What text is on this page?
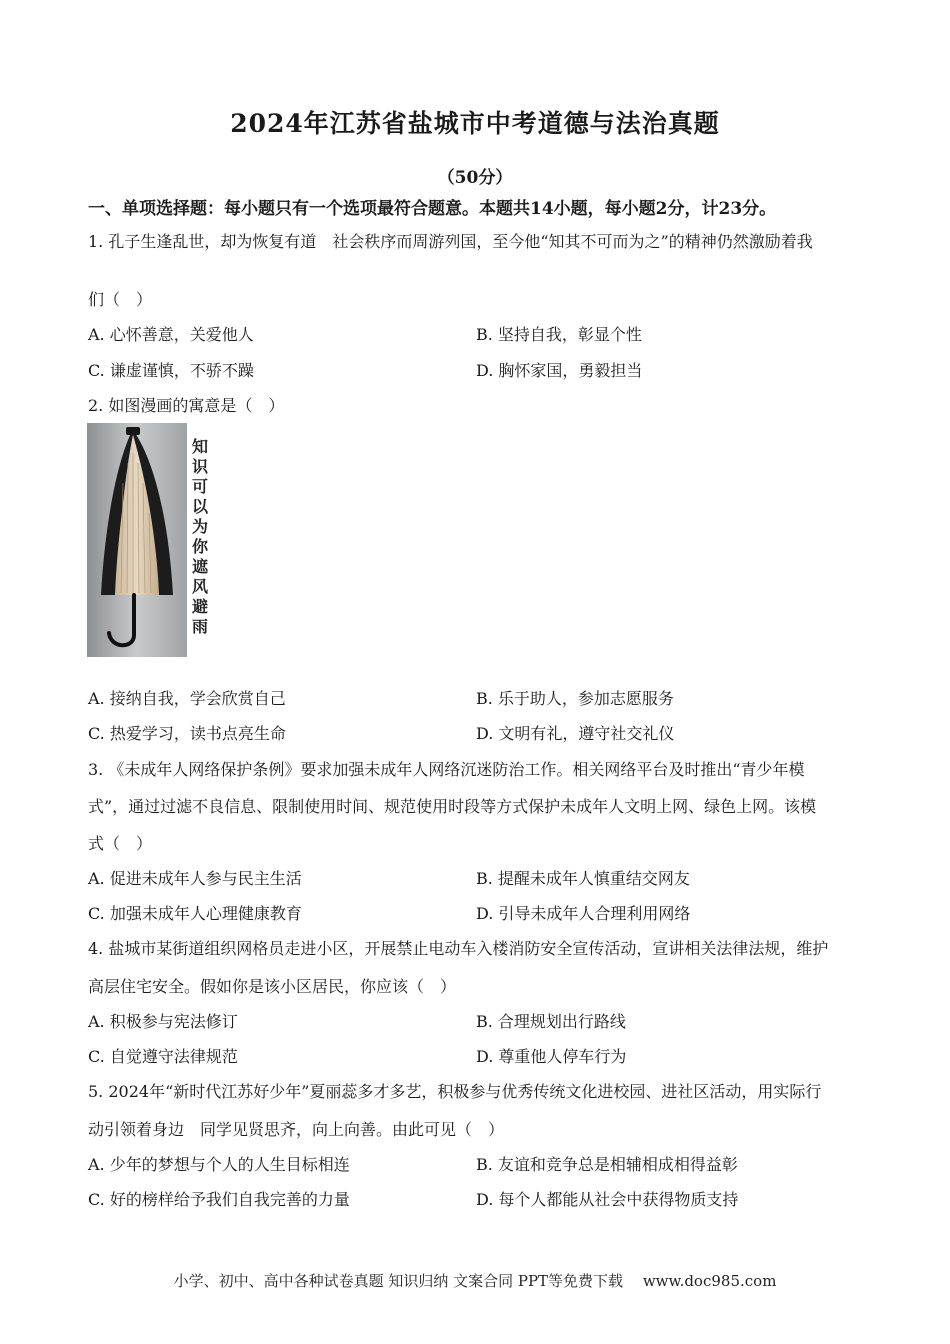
2024年江苏省盐城市中考道德与法治真题
（50分）
一、单项选择题：每小题只有一个选项最符合题意。本题共14小题，每小题2分，计23分。
1. 孔子生逢乱世，却为恢复有道　社会秩序而周游列国，至今他“知其不可而为之”的精神仍然激励着我
们（　）
A. 心怀善意，关爱他人	B. 坚持自我，彰显个性
C. 谦虚谨慎，不骄不躁	D. 胸怀家国，勇毅担当
2. 如图漫画的寓意是（　）
知识可以为你遮风避雨
A. 接纳自我，学会欣赏自己	B. 乐于助人，参加志愿服务
C. 热爱学习，读书点亮生命	D. 文明有礼，遵守社交礼仪
3. 《未成年人网络保护条例》要求加强未成年人网络沉迷防治工作。相关网络平台及时推出“青少年模
式”，通过过滤不良信息、限制使用时间、规范使用时段等方式保护未成年人文明上网、绿色上网。该模
式（　）
A. 促进未成年人参与民主生活	B. 提醒未成年人慎重结交网友
C. 加强未成年人心理健康教育	D. 引导未成年人合理利用网络
4. 盐城市某街道组织网格员走进小区，开展禁止电动车入楼消防安全宣传活动，宣讲相关法律法规，维护
高层住宅安全。假如你是该小区居民，你应该（　）
A. 积极参与宪法修订	B. 合理规划出行路线
C. 自觉遵守法律规范	D. 尊重他人停车行为
5. 2024年“新时代江苏好少年”夏丽蕊多才多艺，积极参与优秀传统文化进校园、进社区活动，用实际行
动引领着身边　同学见贤思齐，向上向善。由此可见（　）
A. 少年的梦想与个人的人生目标相连	B. 友谊和竞争总是相辅相成相得益彰
C. 好的榜样给予我们自我完善的力量	D. 每个人都能从社会中获得物质支持
小学、初中、高中各种试卷真题 知识归纳 文案合同 PPT等免费下载　 www.doc985.com
